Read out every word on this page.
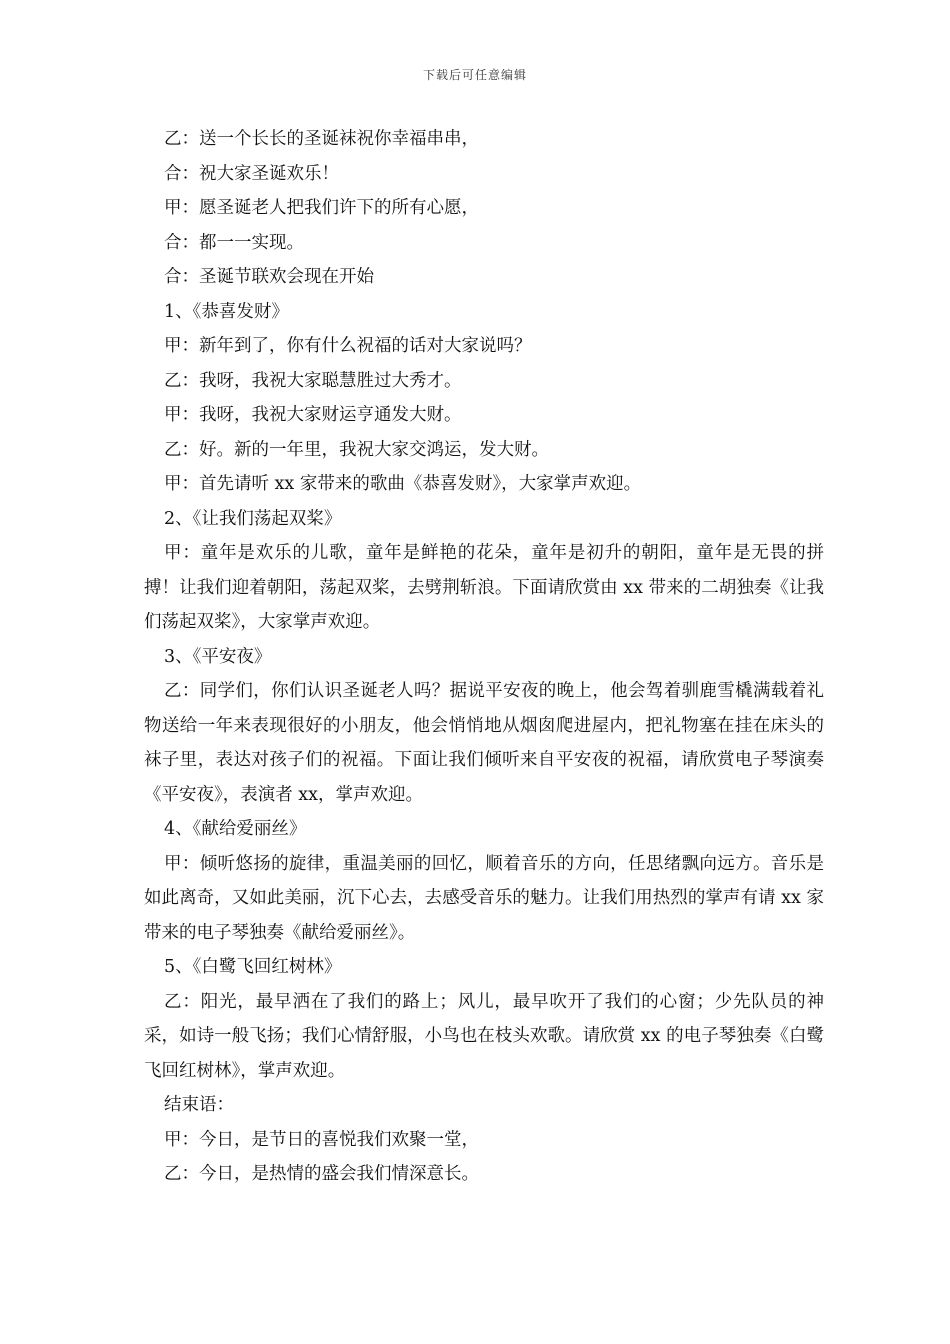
下载后可任意编辑
乙：送一个长长的圣诞袜祝你幸福串串，
合：祝大家圣诞欢乐！
甲：愿圣诞老人把我们许下的所有心愿，
合：都一一实现。
合：圣诞节联欢会现在开始
1、《恭喜发财》
甲：新年到了，你有什么祝福的话对大家说吗？
乙：我呀，我祝大家聪慧胜过大秀才。
甲：我呀，我祝大家财运亨通发大财。
乙：好。新的一年里，我祝大家交鸿运，发大财。
甲：首先请听 xx 家带来的歌曲《恭喜发财》，大家掌声欢迎。
2、《让我们荡起双桨》
甲：童年是欢乐的儿歌，童年是鲜艳的花朵，童年是初升的朝阳，童年是无畏的拼搏！让我们迎着朝阳，荡起双桨，去劈荆斩浪。下面请欣赏由 xx 带来的二胡独奏《让我们荡起双桨》，大家掌声欢迎。
3、《平安夜》
乙：同学们，你们认识圣诞老人吗？据说平安夜的晚上，他会驾着驯鹿雪橇满载着礼物送给一年来表现很好的小朋友，他会悄悄地从烟囱爬进屋内，把礼物塞在挂在床头的袜子里，表达对孩子们的祝福。下面让我们倾听来自平安夜的祝福，请欣赏电子琴演奏《平安夜》，表演者 xx，掌声欢迎。
4、《献给爱丽丝》
甲：倾听悠扬的旋律，重温美丽的回忆，顺着音乐的方向，任思绪飘向远方。音乐是如此离奇，又如此美丽，沉下心去，去感受音乐的魅力。让我们用热烈的掌声有请 xx 家带来的电子琴独奏《献给爱丽丝》。
5、《白鹭飞回红树林》
乙：阳光，最早洒在了我们的路上；风儿，最早吹开了我们的心窗；少先队员的神采，如诗一般飞扬；我们心情舒服，小鸟也在枝头欢歌。请欣赏 xx 的电子琴独奏《白鹭飞回红树林》，掌声欢迎。
结束语：
甲：今日，是节日的喜悦我们欢聚一堂，
乙：今日，是热情的盛会我们情深意长。
